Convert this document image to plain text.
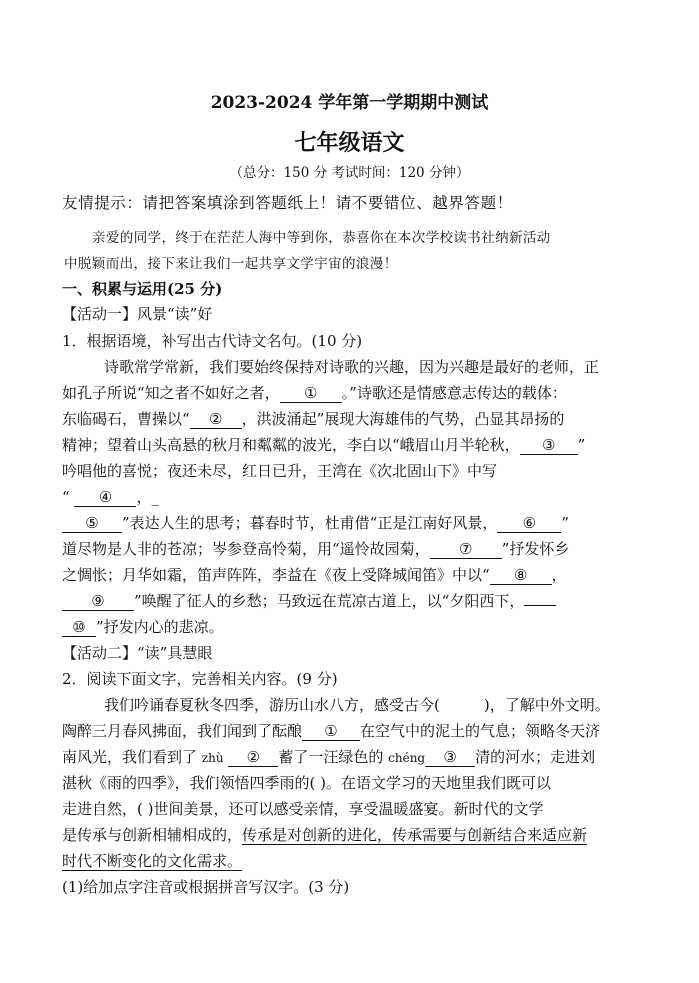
2023-2024 学年第一学期期中测试
七年级语文
（总分：150 分 考试时间：120 分钟）
友情提示：请把答案填涂到答题纸上！请不要错位、越界答题！
亲爱的同学，终于在茫茫人海中等到你，恭喜你在本次学校读书社纳新活动
中脱颖而出，接下来让我们一起共享文学宇宙的浪漫！
一、积累与运用(25 分)
【活动一】风景“读”好
1．根据语境，补写出古代诗文名句。(10 分)
诗歌常学常新，我们要始终保持对诗歌的兴趣，因为兴趣是最好的老师，正
如孔子所说“知之者不如好之者， ① 。”诗歌还是情感意志传达的载体：
东临碣石，曹操以“ ② ，洪波涌起”展现大海雄伟的气势，凸显其昂扬的
精神；望着山头高悬的秋月和粼粼的波光，李白以“峨眉山月半轮秋， ③ ”
吟唱他的喜悦；夜还未尽，红日已升，王湾在《次北固山下》中写
“ ④ ，_
⑤ ”表达人生的思考；暮春时节，杜甫借“正是江南好风景， ⑥ ”
道尽物是人非的苍凉；岑参登高怜菊，用“遥怜故园菊， ⑦ ”抒发怀乡
之惆怅；月华如霜，笛声阵阵，李益在《夜上受降城闻笛》中以“ ⑧ ，
⑨ ”唤醒了征人的乡愁；马致远在荒凉古道上，以“夕阳西下，
⑩ ”抒发内心的悲凉。
【活动二】“读”具慧眼
2．阅读下面文字，完善相关内容。(9 分)
我们吟诵春夏秋冬四季，游历山水八方，感受古今(	)，了解中外文明。
陶醉三月春风拂面，我们闻到了酝酿 ① 在空气中的泥土的气息；领略冬天济
南风光，我们看到了 zhù ② 蓄了一汪绿色的 chéng ③ 清的河水；走进刘
湛秋《雨的四季》，我们领悟四季雨的( )。在语文学习的天地里我们既可以
走进自然，( )世间美景，还可以感受亲情，享受温暖盛宴。新时代的文学
是传承与创新相辅相成的，传承是对创新的进化，传承需要与创新结合来适应新
时代不断变化的文化需求。
(1)给加点字注音或根据拼音写汉字。(3 分)
